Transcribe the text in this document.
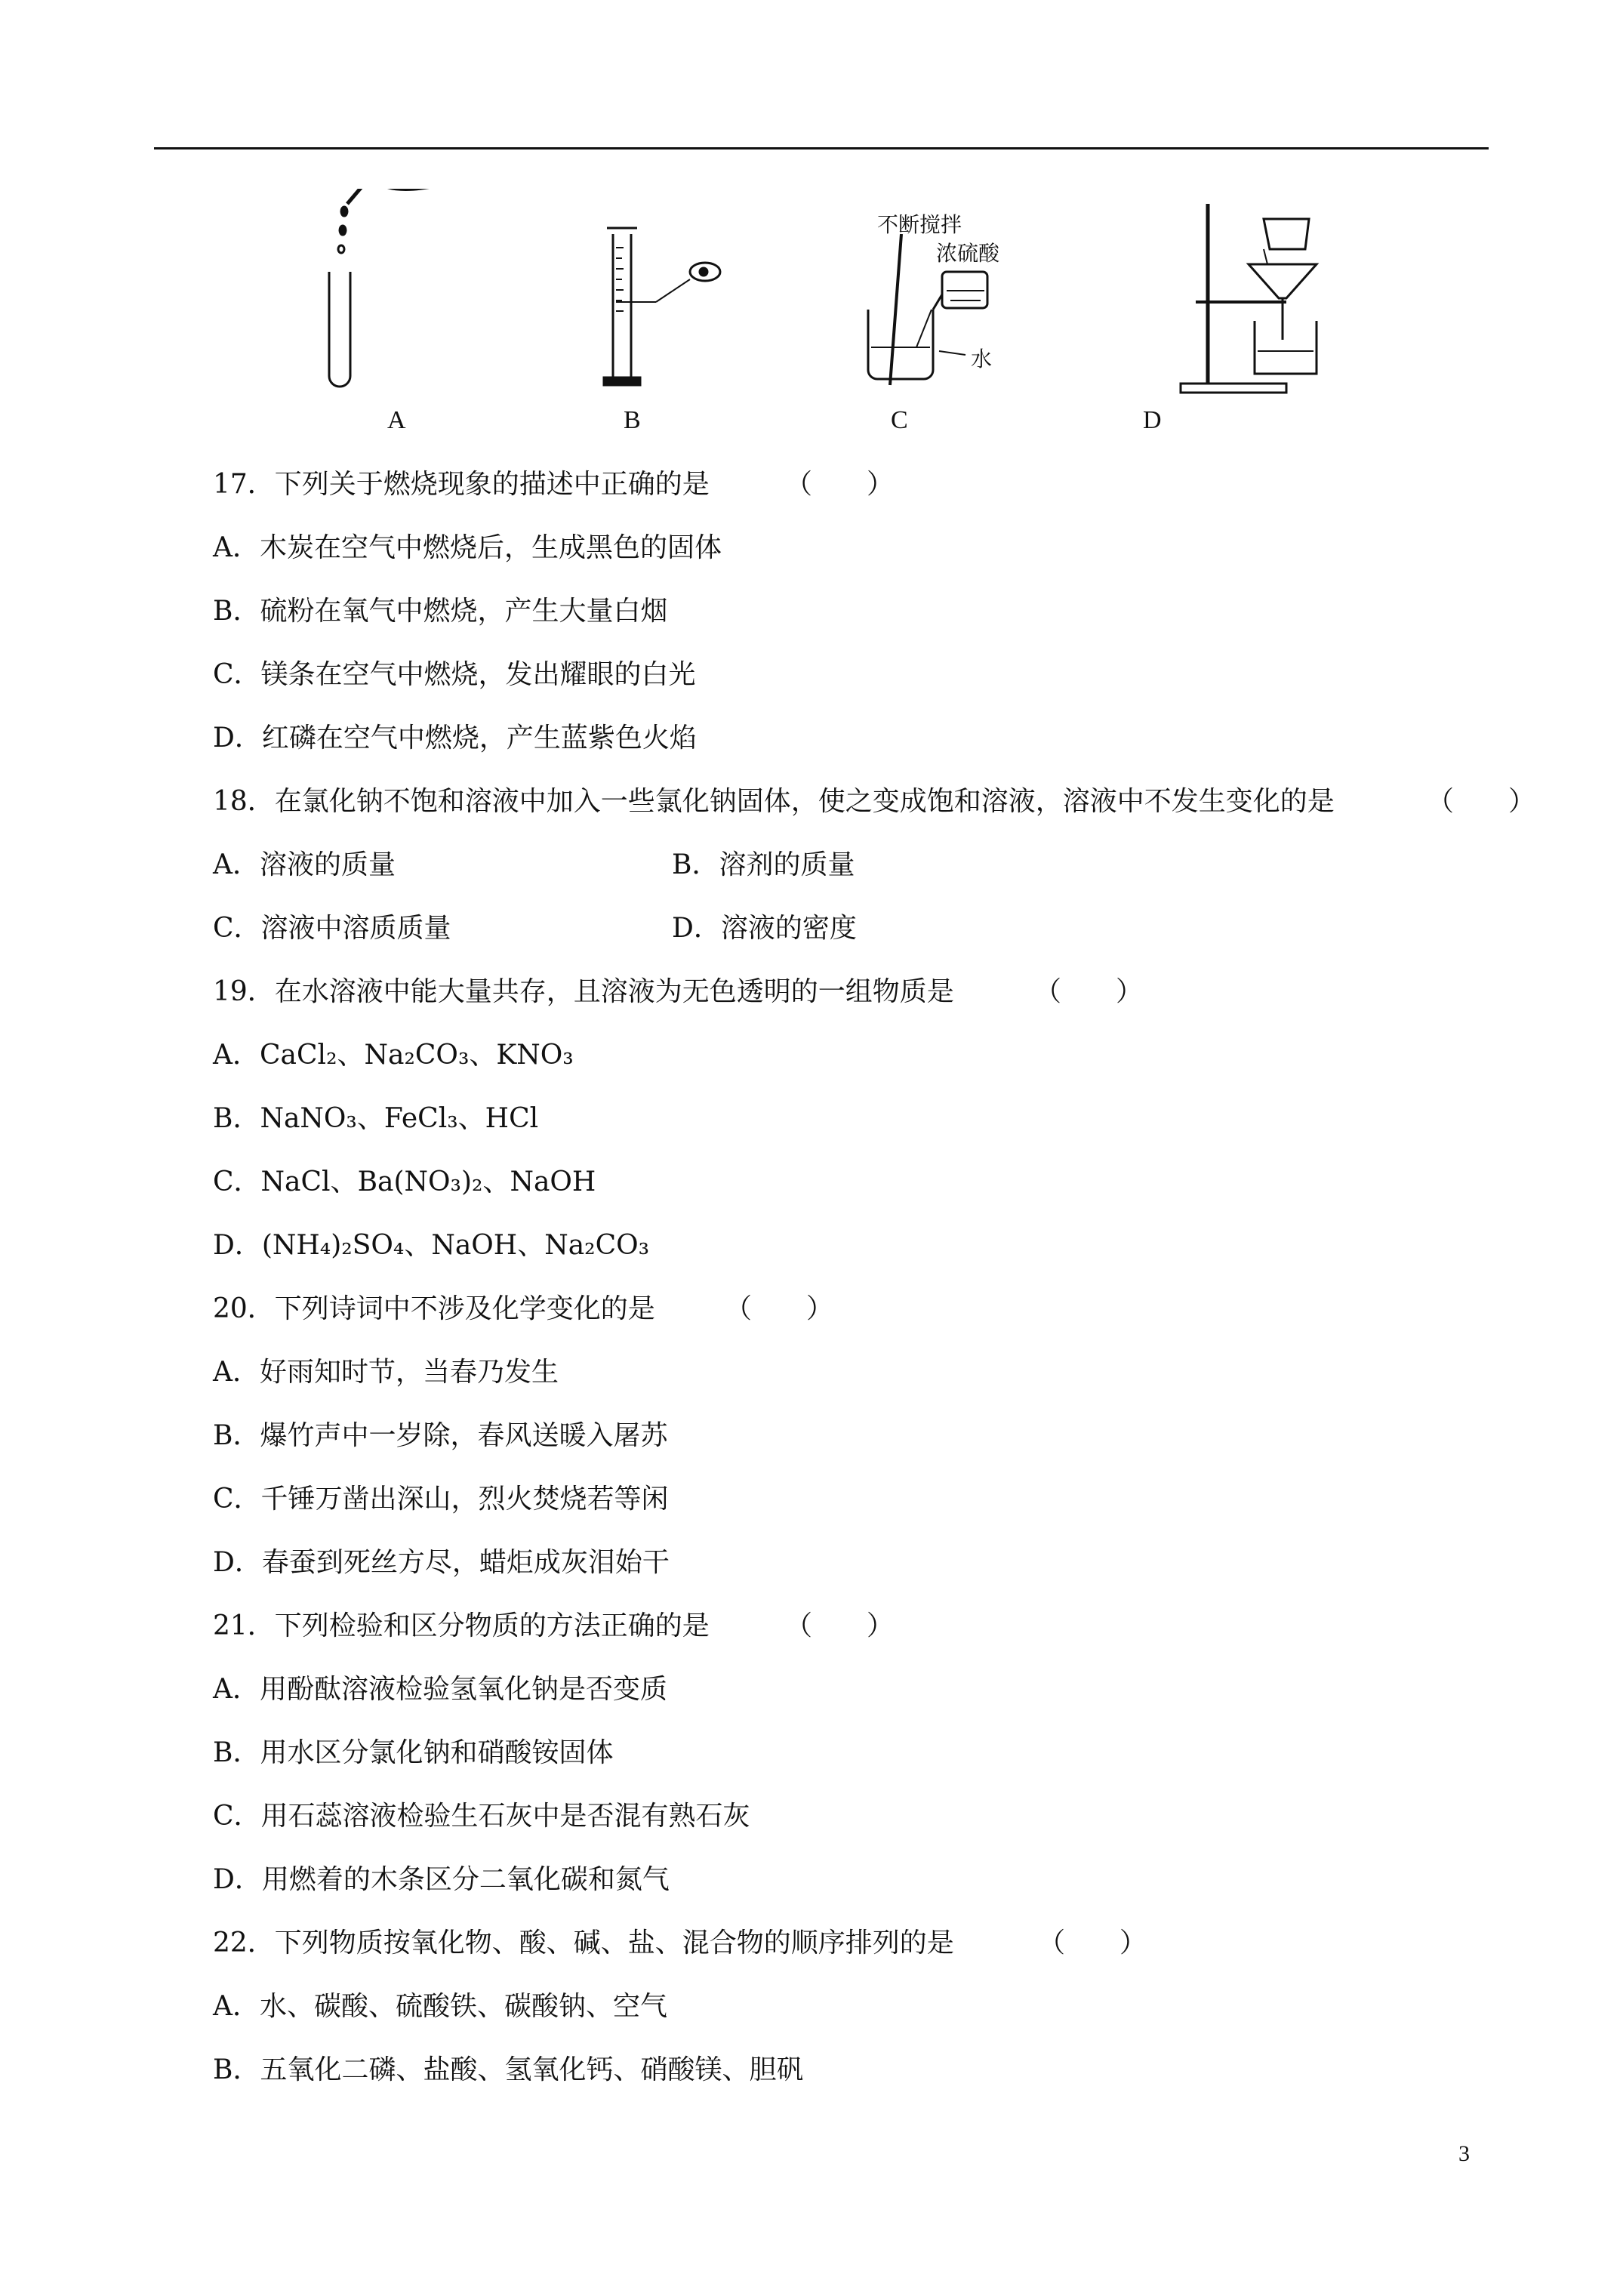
A	B	C	D
不断搅拌
浓硫酸
水
17．下列关于燃烧现象的描述中正确的是	（　　）
A．木炭在空气中燃烧后，生成黑色的固体
B．硫粉在氧气中燃烧，产生大量白烟
C．镁条在空气中燃烧，发出耀眼的白光
D．红磷在空气中燃烧，产生蓝紫色火焰
18．在氯化钠不饱和溶液中加入一些氯化钠固体，使之变成饱和溶液，溶液中不发生变化的是	（　　）
A．溶液的质量	B．溶剂的质量
C．溶液中溶质质量	D．溶液的密度
19．在水溶液中能大量共存，且溶液为无色透明的一组物质是	（　　）
A．CaCl₂、Na₂CO₃、KNO₃
B．NaNO₃、FeCl₃、HCl
C．NaCl、Ba(NO₃)₂、NaOH
D．(NH₄)₂SO₄、NaOH、Na₂CO₃
20．下列诗词中不涉及化学变化的是	（　　）
A．好雨知时节，当春乃发生
B．爆竹声中一岁除，春风送暖入屠苏
C．千锤万凿出深山，烈火焚烧若等闲
D．春蚕到死丝方尽，蜡炬成灰泪始干
21．下列检验和区分物质的方法正确的是	（　　）
A．用酚酞溶液检验氢氧化钠是否变质
B．用水区分氯化钠和硝酸铵固体
C．用石蕊溶液检验生石灰中是否混有熟石灰
D．用燃着的木条区分二氧化碳和氮气
22．下列物质按氧化物、酸、碱、盐、混合物的顺序排列的是	（　　）
A．水、碳酸、硫酸铁、碳酸钠、空气
B．五氧化二磷、盐酸、氢氧化钙、硝酸镁、胆矾
3
